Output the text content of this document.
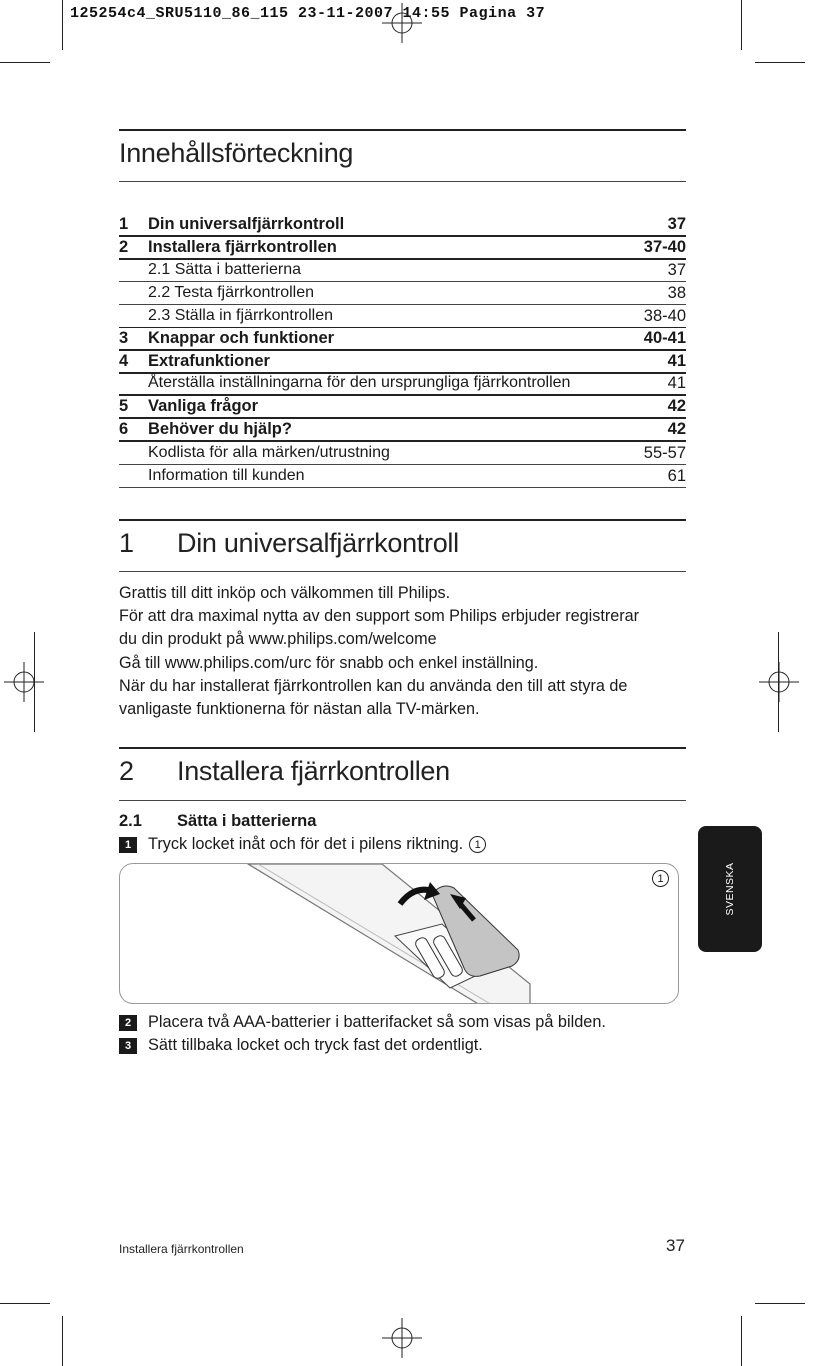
125254c4_SRU5110_86_115 23-11-2007 14:55 Pagina 37
Innehållsförteckning
1	Din universalfjärrkontroll	37
2	Installera fjärrkontrollen	37-40
2.1 Sätta i batterierna	37
2.2 Testa fjärrkontrollen	38
2.3 Ställa in fjärrkontrollen	38-40
3	Knappar och funktioner	40-41
4	Extrafunktioner	41
Återställa inställningarna för den ursprungliga fjärrkontrollen	41
5	Vanliga frågor	42
6	Behöver du hjälp?	42
Kodlista för alla märken/utrustning	55-57
Information till kunden	61
1 Din universalfjärrkontroll
Grattis till ditt inköp och välkommen till Philips.
För att dra maximal nytta av den support som Philips erbjuder registrerar
du din produkt på www.philips.com/welcome
Gå till www.philips.com/urc för snabb och enkel inställning.
När du har installerat fjärrkontrollen kan du använda den till att styra de
vanligaste funktionerna för nästan alla TV-märken.
2 Installera fjärrkontrollen
2.1 Sätta i batterierna
1	Tryck locket inåt och för det i pilens riktning.	1
1
2	Placera två AAA-batterier i batterifacket så som visas på bilden.
3	Sätt tillbaka locket och tryck fast det ordentligt.
SVENSKA
Installera fjärrkontrollen	37
